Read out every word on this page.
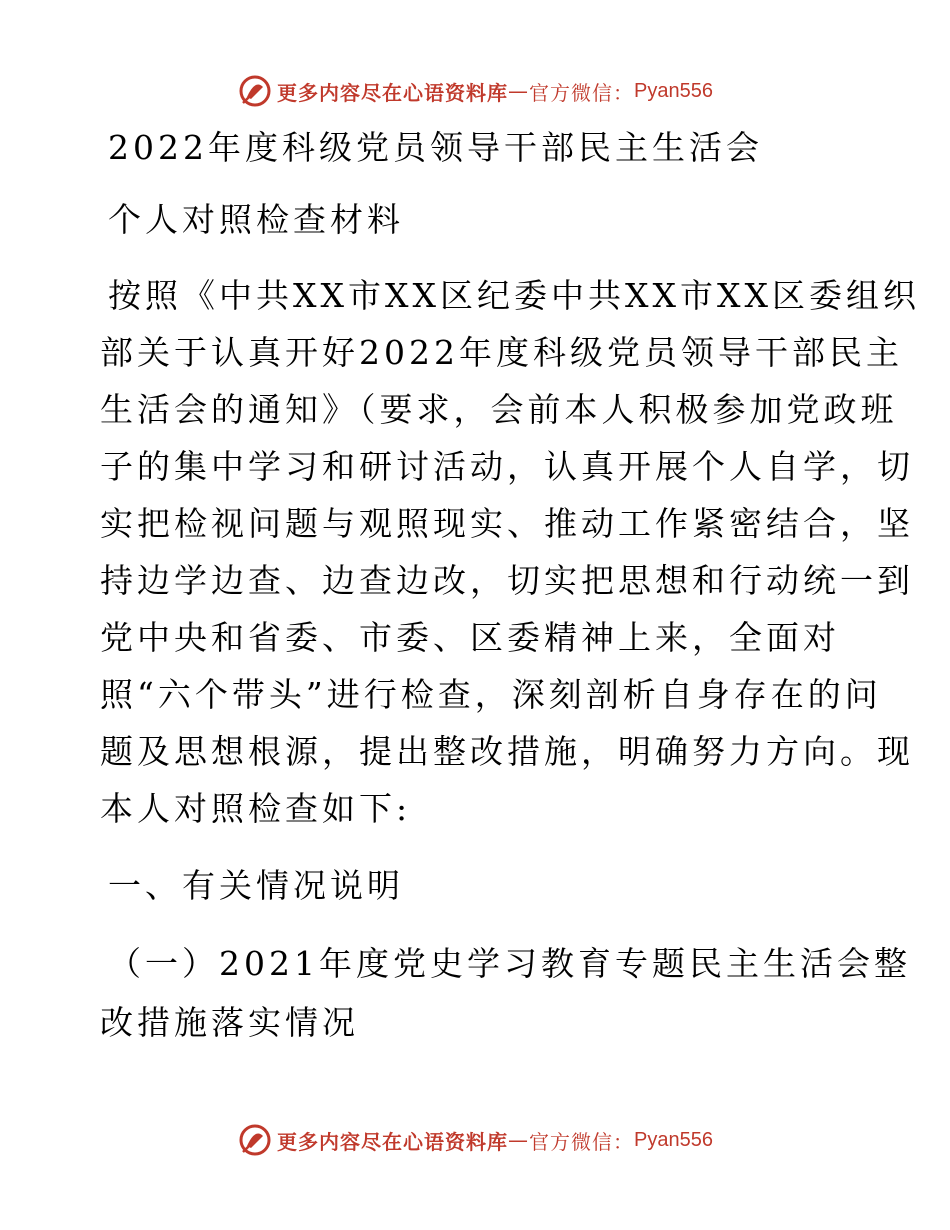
更多内容尽在心语资料库 — 官方微信： Pyan556
2022年度科级党员领导干部民主生活会
个人对照检查材料
按照《中共XX市XX区纪委中共XX市XX区委组织
部关于认真开好2022年度科级党员领导干部民主
生活会的通知》（要求，会前本人积极参加党政班
子的集中学习和研讨活动，认真开展个人自学，切
实把检视问题与观照现实、推动工作紧密结合，坚
持边学边查、边查边改，切实把思想和行动统一到
党中央和省委、市委、区委精神上来，全面对
照“六个带头”进行检查，深刻剖析自身存在的问
题及思想根源，提出整改措施，明确努力方向。现
本人对照检查如下:
一、有关情况说明
（一）2021年度党史学习教育专题民主生活会整
改措施落实情况
更多内容尽在心语资料库 — 官方微信： Pyan556
